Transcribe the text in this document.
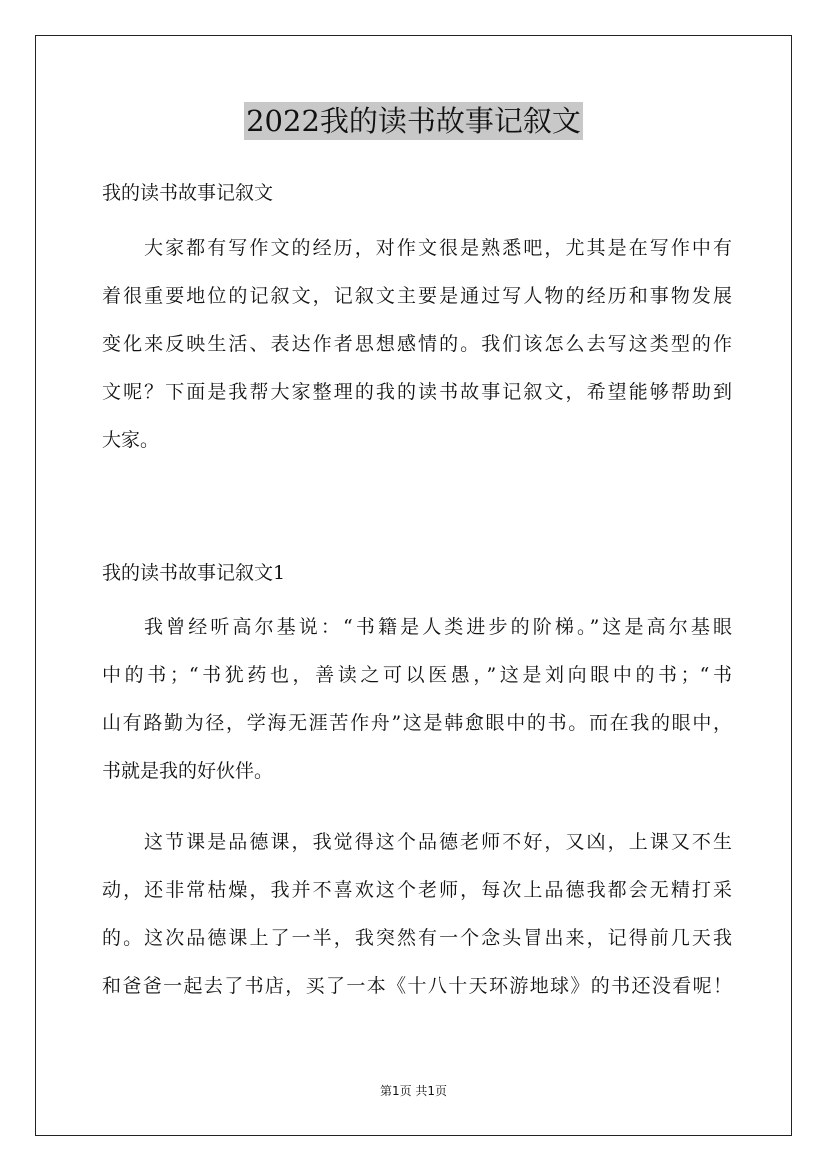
2022我的读书故事记叙文
我的读书故事记叙文
大家都有写作文的经历，对作文很是熟悉吧，尤其是在写作中有
着很重要地位的记叙文，记叙文主要是通过写人物的经历和事物发展
变化来反映生活、表达作者思想感情的。我们该怎么去写这类型的作
文呢？下面是我帮大家整理的我的读书故事记叙文，希望能够帮助到
大家。
我的读书故事记叙文1
我曾经听高尔基说：“书籍是人类进步的阶梯。”这是高尔基眼
中的书；“书犹药也，善读之可以医愚，”这是刘向眼中的书；“书
山有路勤为径，学海无涯苦作舟”这是韩愈眼中的书。而在我的眼中，
书就是我的好伙伴。
这节课是品德课，我觉得这个品德老师不好，又凶，上课又不生
动，还非常枯燥，我并不喜欢这个老师，每次上品德我都会无精打采
的。这次品德课上了一半，我突然有一个念头冒出来，记得前几天我
和爸爸一起去了书店，买了一本《十八十天环游地球》的书还没看呢！
第1页 共1页
